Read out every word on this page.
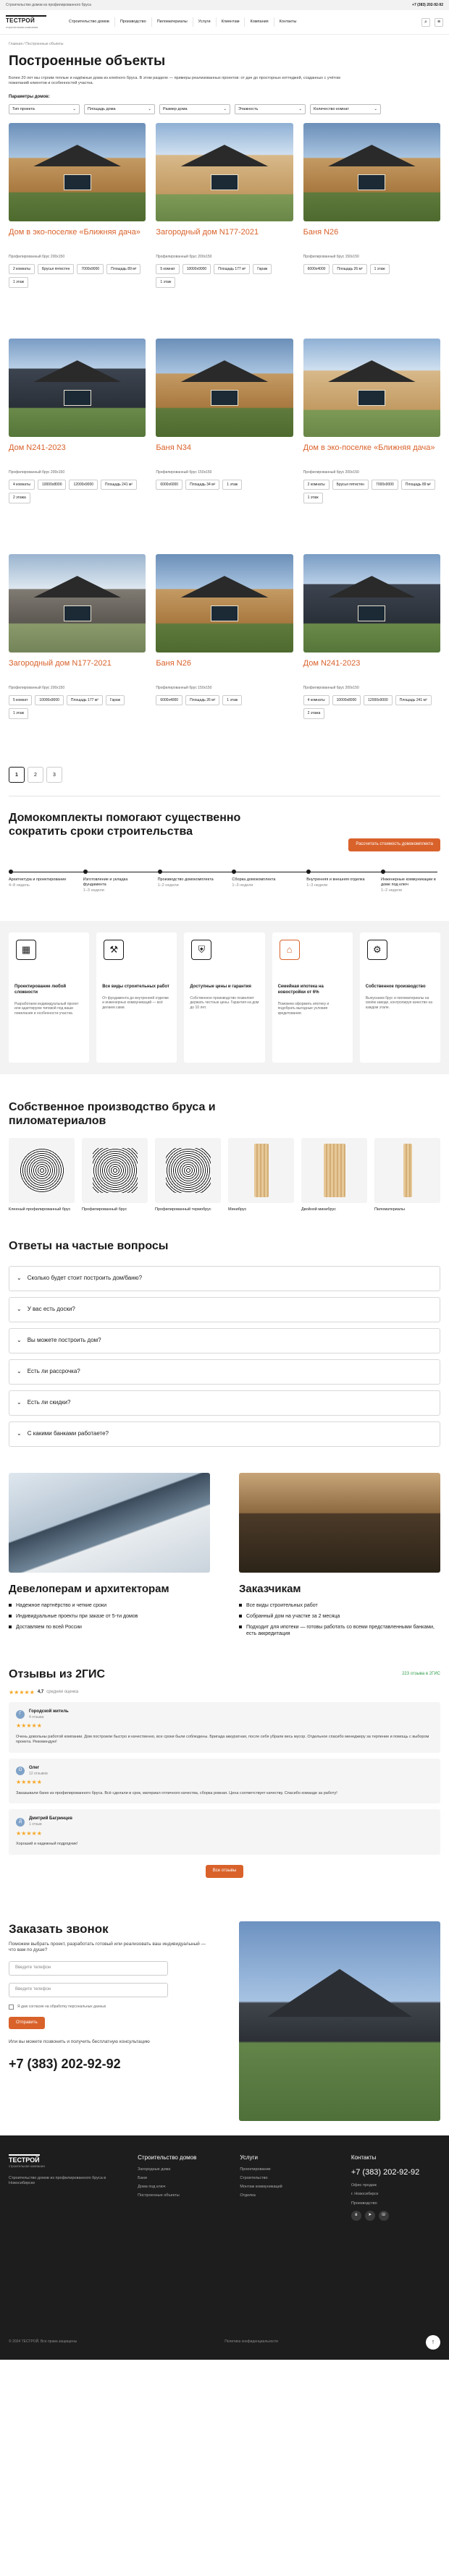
Строительство домов из профилированного бруса	+7 (383) 202-92-92
ТЕСТРОЙ
строительная компания
Строительство домов	Производство	Пиломатериалы	Услуги	Клиентам	Компания	Контакты	⌕	≡
Главная / Построенные объекты
Построенные объекты

Более 20 лет мы строим теплые и надёжные дома из клеёного бруса. В этом разделе — примеры реализованных проектов: от дач до просторных коттеджей, созданных с учётом пожеланий клиентов и особенностей участка.

Параметры домов:
Тип проекта	⌄	Площадь дома	⌄	Размер дома	⌄	Этажность	⌄	Количество комнат	⌄
Дом в эко-поселке «Ближняя дача»
Профилированный брус 200х150
2 комнаты	Брусья пятистен	7000x9000	Площадь 89 м²
1 этаж
Загородный дом N177-2021
Профилированный брус 200х150
5 комнат	10000x9000	Площадь 177 м²	Гараж
1 этаж
Баня N26
Профилированный брус 150х150
6000x4000	Площадь 26 м²	1 этаж
Дом N241-2023
Профилированный брус 200х150
4 комнаты	10000x8000	12000x9000	Площадь 241 м²
2 этажа
Баня N34
Профилированный брус 150х150
6000x6000	Площадь 34 м²	1 этаж
Дом в эко-поселке «Ближняя дача»
Профилированный брус 200х150
2 комнаты	Брусья пятистен	7000x9000	Площадь 89 м²
1 этаж
Загородный дом N177-2021
Профилированный брус 200х150
5 комнат	10000x9000	Площадь 177 м²	Гараж
1 этаж
Баня N26
Профилированный брус 150х150
6000x4000	Площадь 26 м²	1 этаж
Дом N241-2023
Профилированный брус 200х150
4 комнаты	10000x8000	12000x9000	Площадь 241 м²
2 этажа
1	2	3
Домокомплекты помогают существенно сократить сроки строительства
Рассчитать стоимость домокомплекта
Архитектура и проектирование
4–8 недель
Изготовление и укладка фундамента
1–3 недели
Производство домокомплекта
1–2 недели
Сборка домокомплекта
1–3 недели
Внутренняя и внешняя отделка
1–3 недели
Инженерные коммуникации в доме под ключ
1–2 недели
▦
Проектирование любой сложности
Разработаем индивидуальный проект или адаптируем типовой под ваши пожелания и особенности участка.
⚒
Все виды строительных работ
От фундамента до внутренней отделки и инженерных коммуникаций — всё делаем сами.
⛨
Доступные цены и гарантия
Собственное производство позволяет держать честные цены. Гарантия на дом до 10 лет.
⌂
Семейная ипотека на новостройки от 6%
Поможем оформить ипотеку и подобрать выгодные условия кредитования.
⚙
Собственное производство
Выпускаем брус и пиломатериалы на своём заводе, контролируя качество на каждом этапе.
Собственное производство бруса и пиломатериалов
Клееный профилированный брус	Профилированный брус	Профилированный термобрус	Минибрус	Двойной минибрус	Пиломатериалы
Ответы на частые вопросы
⌄ Сколько будет стоит построить дом/баню?
⌄ У вас есть доски?
⌄ Вы можете построить дом?
⌄ Есть ли рассрочка?
⌄ Есть ли скидки?
⌄ С какими банками работаете?
Девелоперам и архитекторам
Надежное партнёрство и четкие сроки
Индивидуальные проекты при заказе от 5-ти домов
Доставляем по всей России
Заказчикам
Все виды строительных работ
Собранный дом на участке за 2 месяца
Подходит для ипотеки — готовы работать со всеми представленными банками, есть аккредитация
Отзывы из 2ГИС	223 отзыва в 2ГИС
★★★★★ 4,7 средняя оценка
Г
Городской житель
4 отзыва
★★★★★
Очень довольны работой компании. Дом построили быстро и качественно, все сроки были соблюдены. Бригада аккуратная, после себя убрали весь мусор. Отдельное спасибо менеджеру за терпение и помощь с выбором проекта. Рекомендую!
О
Олег
12 отзывов
★★★★★
Заказывали баню из профилированного бруса. Всё сделали в срок, материал отличного качества, сборка ровная. Цена соответствует качеству. Спасибо команде за работу!
Д
Дмитрий Багринцев
1 отзыв
★★★★★
Хороший и надежный подрядчик!
Все отзывы
Заказать звонок
Поможем выбрать проект, разработать готовый или реализовать ваш индивидуальный — что вам по душе?
Введите телефон
Введите телефон
Я даю согласие на обработку персональных данных
Отправить
Или вы можете позвонить и получить бесплатную консультацию
+7 (383) 202-92-92
ТЕСТРОЙ
строительная компания
Строительство домов из профилированного бруса в Новосибирске
Строительство домов
Загородные дома
Бани
Дома под ключ
Построенные объекты
Услуги
Проектирование
Строительство
Монтаж коммуникаций
Отделка
Контакты
+7 (383) 202-92-92
Офис продаж
г. Новосибирск
Производство
в	➤	☏
© 2024 ТЕСТРОЙ. Все права защищены	Политика конфиденциальности	↑
